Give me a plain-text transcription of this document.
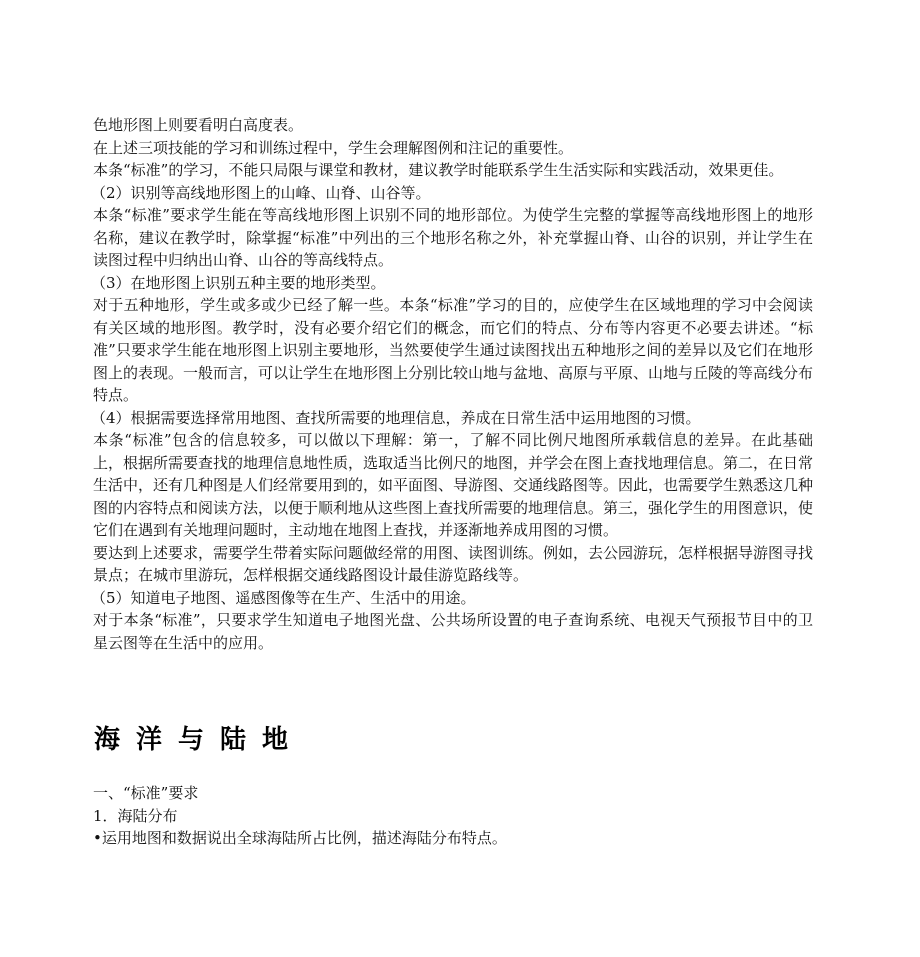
色地形图上则要看明白高度表。

在上述三项技能的学习和训练过程中，学生会理解图例和注记的重要性。

本条“标准”的学习，不能只局限与课堂和教材，建议教学时能联系学生生活实际和实践活动，效果更佳。

（2）识别等高线地形图上的山峰、山脊、山谷等。

本条“标准”要求学生能在等高线地形图上识别不同的地形部位。为使学生完整的掌握等高线地形图上的地形名称，建议在教学时，除掌握“标准”中列出的三个地形名称之外，补充掌握山脊、山谷的识别，并让学生在读图过程中归纳出山脊、山谷的等高线特点。

（3）在地形图上识别五种主要的地形类型。

对于五种地形，学生或多或少已经了解一些。本条“标准”学习的目的，应使学生在区域地理的学习中会阅读有关区域的地形图。教学时，没有必要介绍它们的概念，而它们的特点、分布等内容更不必要去讲述。“标准”只要求学生能在地形图上识别主要地形，当然要使学生通过读图找出五种地形之间的差异以及它们在地形图上的表现。一般而言，可以让学生在地形图上分别比较山地与盆地、高原与平原、山地与丘陵的等高线分布特点。

（4）根据需要选择常用地图、查找所需要的地理信息，养成在日常生活中运用地图的习惯。

本条“标准”包含的信息较多，可以做以下理解：第一，了解不同比例尺地图所承载信息的差异。在此基础上，根据所需要查找的地理信息地性质，选取适当比例尺的地图，并学会在图上查找地理信息。第二，在日常生活中，还有几种图是人们经常要用到的，如平面图、导游图、交通线路图等。因此，也需要学生熟悉这几种图的内容特点和阅读方法，以便于顺利地从这些图上查找所需要的地理信息。第三，强化学生的用图意识，使它们在遇到有关地理问题时，主动地在地图上查找，并逐渐地养成用图的习惯。

要达到上述要求，需要学生带着实际问题做经常的用图、读图训练。例如，去公园游玩，怎样根据导游图寻找景点；在城市里游玩，怎样根据交通线路图设计最佳游览路线等。

（5）知道电子地图、遥感图像等在生产、生活中的用途。

对于本条“标准”，只要求学生知道电子地图光盘、公共场所设置的电子查询系统、电视天气预报节目中的卫星云图等在生活中的应用。

海洋与陆地

一、“标准”要求

1．海陆分布

•运用地图和数据说出全球海陆所占比例，描述海陆分布特点。
